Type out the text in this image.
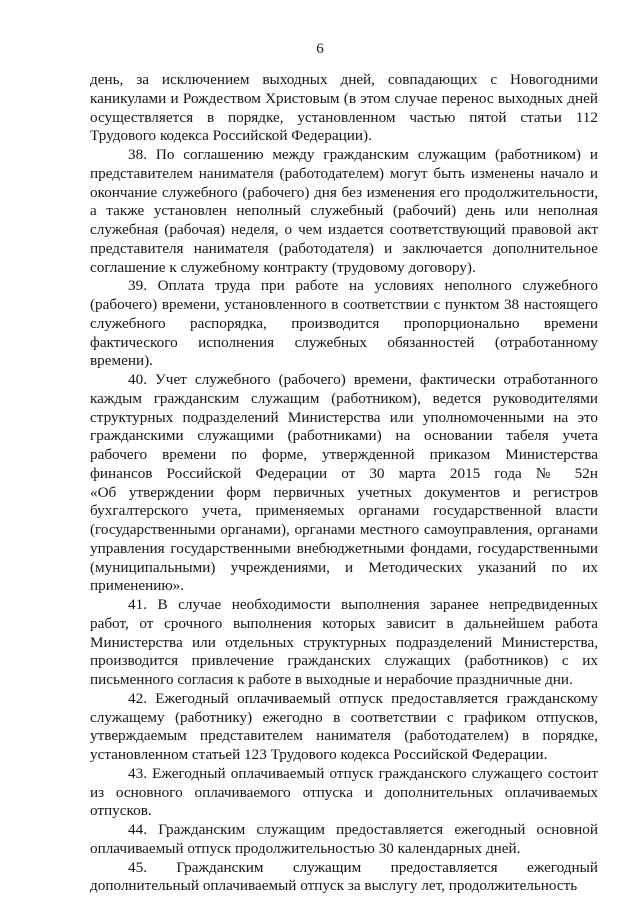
6
день, за исключением выходных дней, совпадающих с Новогодними
каникулами и Рождеством Христовым (в этом случае перенос выходных дней
осуществляется в порядке, установленном частью пятой статьи 112
Трудового кодекса Российской Федерации).
38. По соглашению между гражданским служащим (работником) и
представителем нанимателя (работодателем) могут быть изменены начало и
окончание служебного (рабочего) дня без изменения его продолжительности,
а также установлен неполный служебный (рабочий) день или неполная
служебная (рабочая) неделя, о чем издается соответствующий правовой акт
представителя нанимателя (работодателя) и заключается дополнительное
соглашение к служебному контракту (трудовому договору).
39. Оплата труда при работе на условиях неполного служебного
(рабочего) времени, установленного в соответствии с пунктом 38 настоящего
служебного распорядка, производится пропорционально времени
фактического исполнения служебных обязанностей (отработанному
времени).
40. Учет служебного (рабочего) времени, фактически отработанного
каждым гражданским служащим (работником), ведется руководителями
структурных подразделений Министерства или уполномоченными на это
гражданскими служащими (работниками) на основании табеля учета
рабочего времени по форме, утвержденной приказом Министерства
финансов Российской Федерации от 30 марта 2015 года № 52н
«Об утверждении форм первичных учетных документов и регистров
бухгалтерского учета, применяемых органами государственной власти
(государственными органами), органами местного самоуправления, органами
управления государственными внебюджетными фондами, государственными
(муниципальными) учреждениями, и Методических указаний по их
применению».
41. В случае необходимости выполнения заранее непредвиденных
работ, от срочного выполнения которых зависит в дальнейшем работа
Министерства или отдельных структурных подразделений Министерства,
производится привлечение гражданских служащих (работников) с их
письменного согласия к работе в выходные и нерабочие праздничные дни.
42. Ежегодный оплачиваемый отпуск предоставляется гражданскому
служащему (работнику) ежегодно в соответствии с графиком отпусков,
утверждаемым представителем нанимателя (работодателем) в порядке,
установленном статьей 123 Трудового кодекса Российской Федерации.
43. Ежегодный оплачиваемый отпуск гражданского служащего состоит
из основного оплачиваемого отпуска и дополнительных оплачиваемых
отпусков.
44. Гражданским служащим предоставляется ежегодный основной
оплачиваемый отпуск продолжительностью 30 календарных дней.
45. Гражданским служащим предоставляется ежегодный
дополнительный оплачиваемый отпуск за выслугу лет, продолжительность
